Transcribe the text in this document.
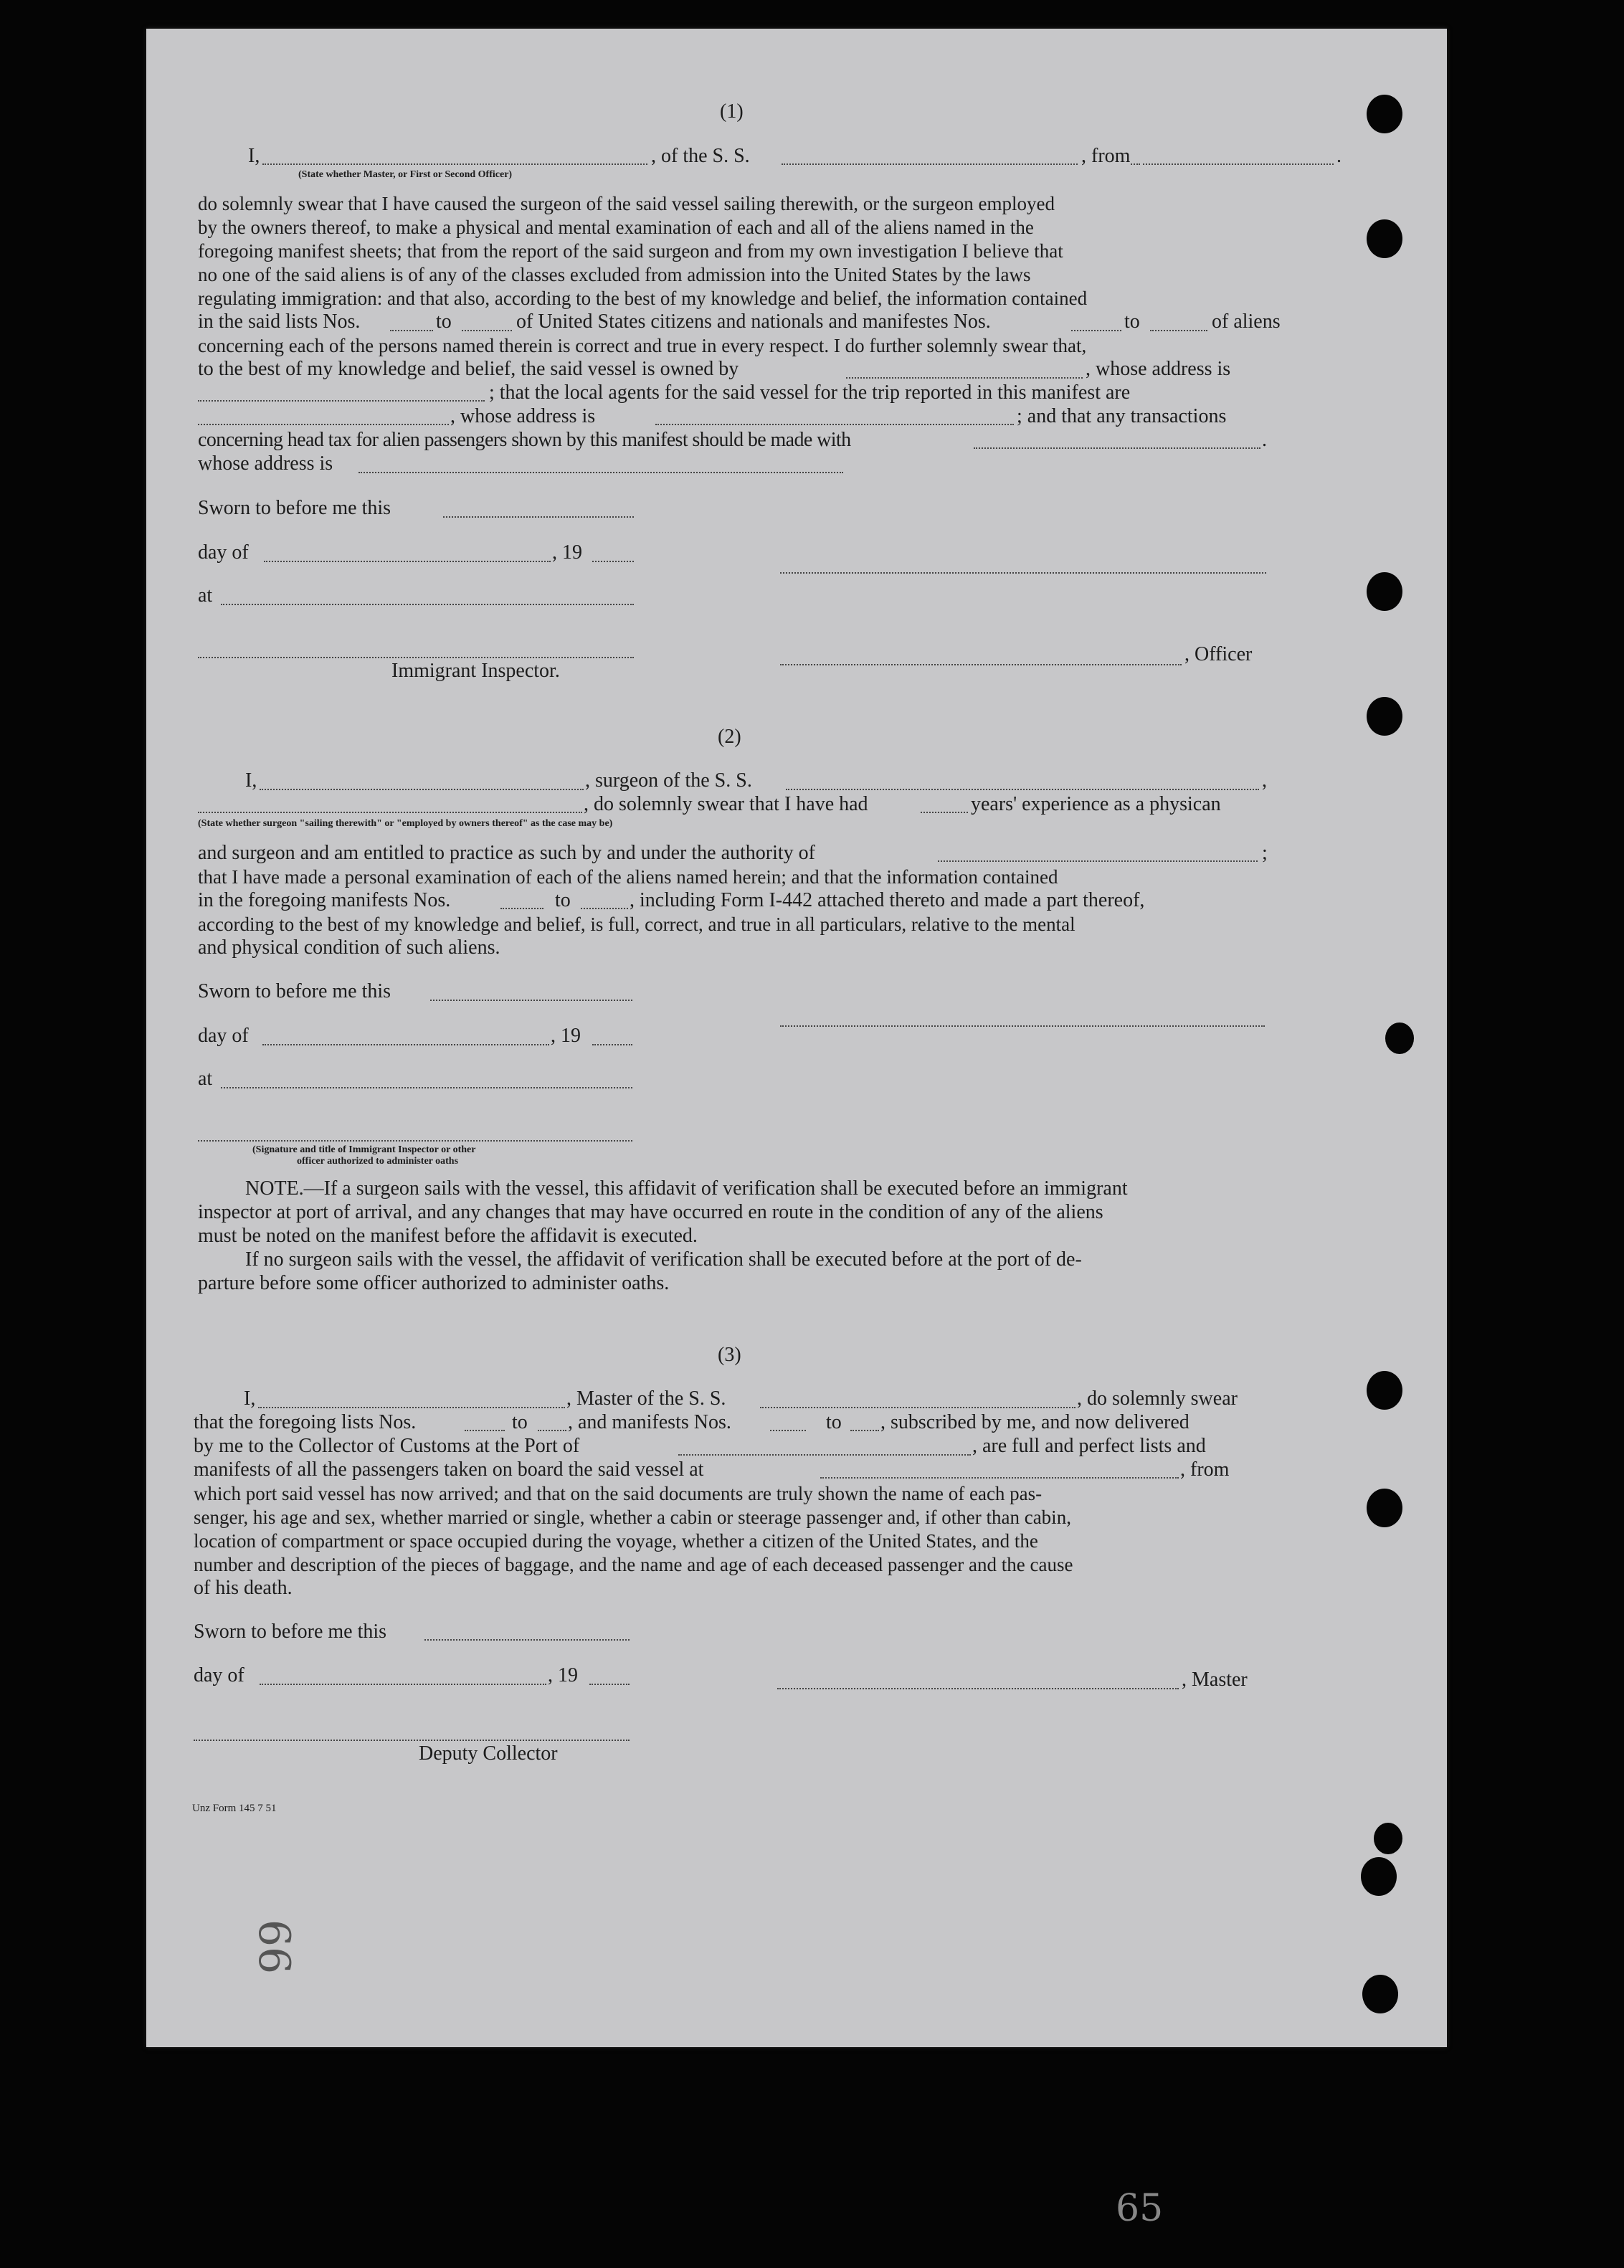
(1)
I,	, of the S. S.	, from	.
(State whether Master, or First or Second Officer)
do solemnly swear that I have caused the surgeon of the said vessel sailing therewith, or the surgeon employed
by the owners thereof, to make a physical and mental examination of each and all of the aliens named in the
foregoing manifest sheets; that from the report of the said surgeon and from my own investigation I believe that
no one of the said aliens is of any of the classes excluded from admission into the United States by the laws
regulating immigration: and that also, according to the best of my knowledge and belief, the information contained
in the said lists Nos.	to	of United States citizens and nationals and manifestes Nos.	to	of aliens
concerning each of the persons named therein is correct and true in every respect. I do further solemnly swear that,
to the best of my knowledge and belief, the said vessel is owned by	, whose address is
; that the local agents for the said vessel for the trip reported in this manifest are
, whose address is	; and that any transactions
concerning head tax for alien passengers shown by this manifest should be made with	.
whose address is
Sworn to before me this
day of	, 19
at
, Officer
Immigrant Inspector.
(2)
I,	, surgeon of the S. S.	,
, do solemnly swear that I have had	years' experience as a physican
(State whether surgeon "sailing therewith" or "employed by owners thereof" as the case may be)
and surgeon and am entitled to practice as such by and under the authority of	;
that I have made a personal examination of each of the aliens named herein; and that the information contained
in the foregoing manifests Nos.	to	, including Form I-442 attached thereto and made a part thereof,
according to the best of my knowledge and belief, is full, correct, and true in all particulars, relative to the mental
and physical condition of such aliens.
Sworn to before me this
day of	, 19
at
(Signature and title of Immigrant Inspector or other
officer authorized to administer oaths
NOTE.—If a surgeon sails with the vessel, this affidavit of verification shall be executed before an immigrant
inspector at port of arrival, and any changes that may have occurred en route in the condition of any of the aliens
must be noted on the manifest before the affidavit is executed.
If no surgeon sails with the vessel, the affidavit of verification shall be executed before at the port of de-
parture before some officer authorized to administer oaths.
(3)
I,	, Master of the S. S.	, do solemnly swear
that the foregoing lists Nos.	to , and manifests Nos.	to , subscribed by me, and now delivered
by me to the Collector of Customs at the Port of	, are full and perfect lists and
manifests of all the passengers taken on board the said vessel at	, from
which port said vessel has now arrived; and that on the said documents are truly shown the name of each pas-
senger, his age and sex, whether married or single, whether a cabin or steerage passenger and, if other than cabin,
location of compartment or space occupied during the voyage, whether a citizen of the United States, and the
number and description of the pieces of baggage, and the name and age of each deceased passenger and the cause
of his death.
Sworn to before me this
day of	, 19	, Master
Deputy Collector
Unz Form 145 7 51
66
65
